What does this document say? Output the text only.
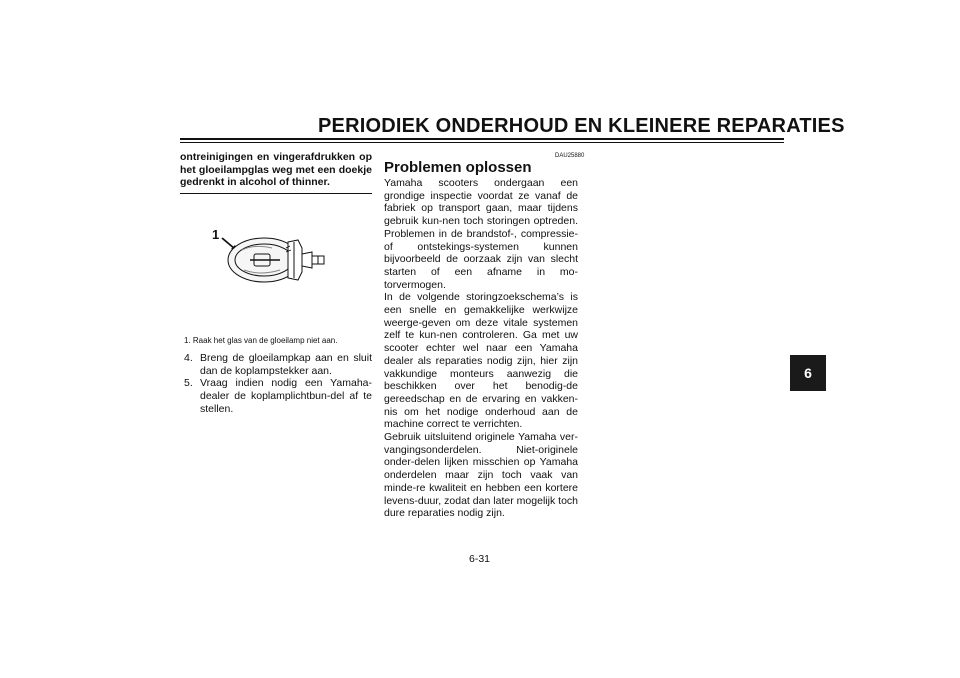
PERIODIEK ONDERHOUD EN KLEINERE REPARATIES
6
ontreinigingen en vingerafdrukken op het gloeilampglas weg met een doekje gedrenkt in alcohol of thinner.
1
1. Raak het glas van de gloeilamp niet aan.
4. Breng de gloeilampkap aan en sluit dan de koplampstekker aan.
5. Vraag indien nodig een Yamaha-dealer de koplamplichtbun-del af te stellen.
DAU25880
Problemen oplossen

Yamaha scooters ondergaan een grondige inspectie voordat ze vanaf de fabriek op transport gaan, maar tijdens gebruik kun-nen toch storingen optreden. Problemen in de brandstof-, compressie- of ontstekings-systemen kunnen bijvoorbeeld de oorzaak zijn van slecht starten of een afname in mo-torvermogen.

In de volgende storingzoekschema’s is een snelle en gemakkelijke werkwijze weerge-geven om deze vitale systemen zelf te kun-nen controleren. Ga met uw scooter echter wel naar een Yamaha dealer als reparaties nodig zijn, hier zijn vakkundige monteurs aanwezig die beschikken over het benodig-de gereedschap en de ervaring en vakken-nis om het nodige onderhoud aan de machine correct te verrichten.

Gebruik uitsluitend originele Yamaha ver-vangingsonderdelen. Niet-originele onder-delen lijken misschien op Yamaha onderdelen maar zijn toch vaak van minde-re kwaliteit en hebben een kortere levens-duur, zodat dan later mogelijk toch dure reparaties nodig zijn.

6-31
